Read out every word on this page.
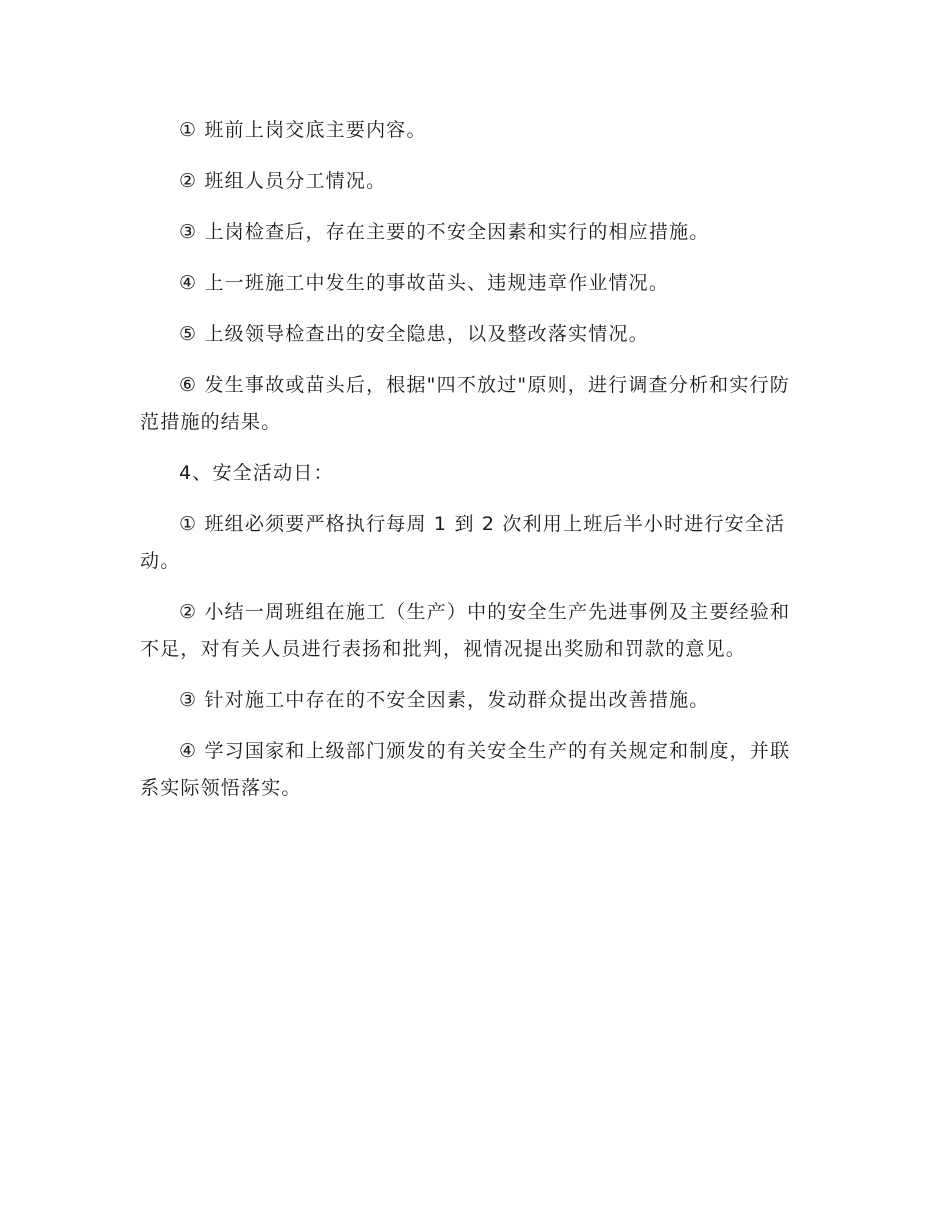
① 班前上岗交底主要内容。

② 班组人员分工情况。

③ 上岗检查后，存在主要的不安全因素和实行的相应措施。

④ 上一班施工中发生的事故苗头、违规违章作业情况。

⑤ 上级领导检查出的安全隐患，以及整改落实情况。

⑥ 发生事故或苗头后，根据"四不放过"原则，进行调查分析和实行防范措施的结果。

4、安全活动日：

① 班组必须要严格执行每周 1 到 2 次利用上班后半小时进行安全活动。

② 小结一周班组在施工（生产）中的安全生产先进事例及主要经验和不足，对有关人员进行表扬和批判，视情况提出奖励和罚款的意见。

③ 针对施工中存在的不安全因素，发动群众提出改善措施。

④ 学习国家和上级部门颁发的有关安全生产的有关规定和制度，并联系实际领悟落实。
